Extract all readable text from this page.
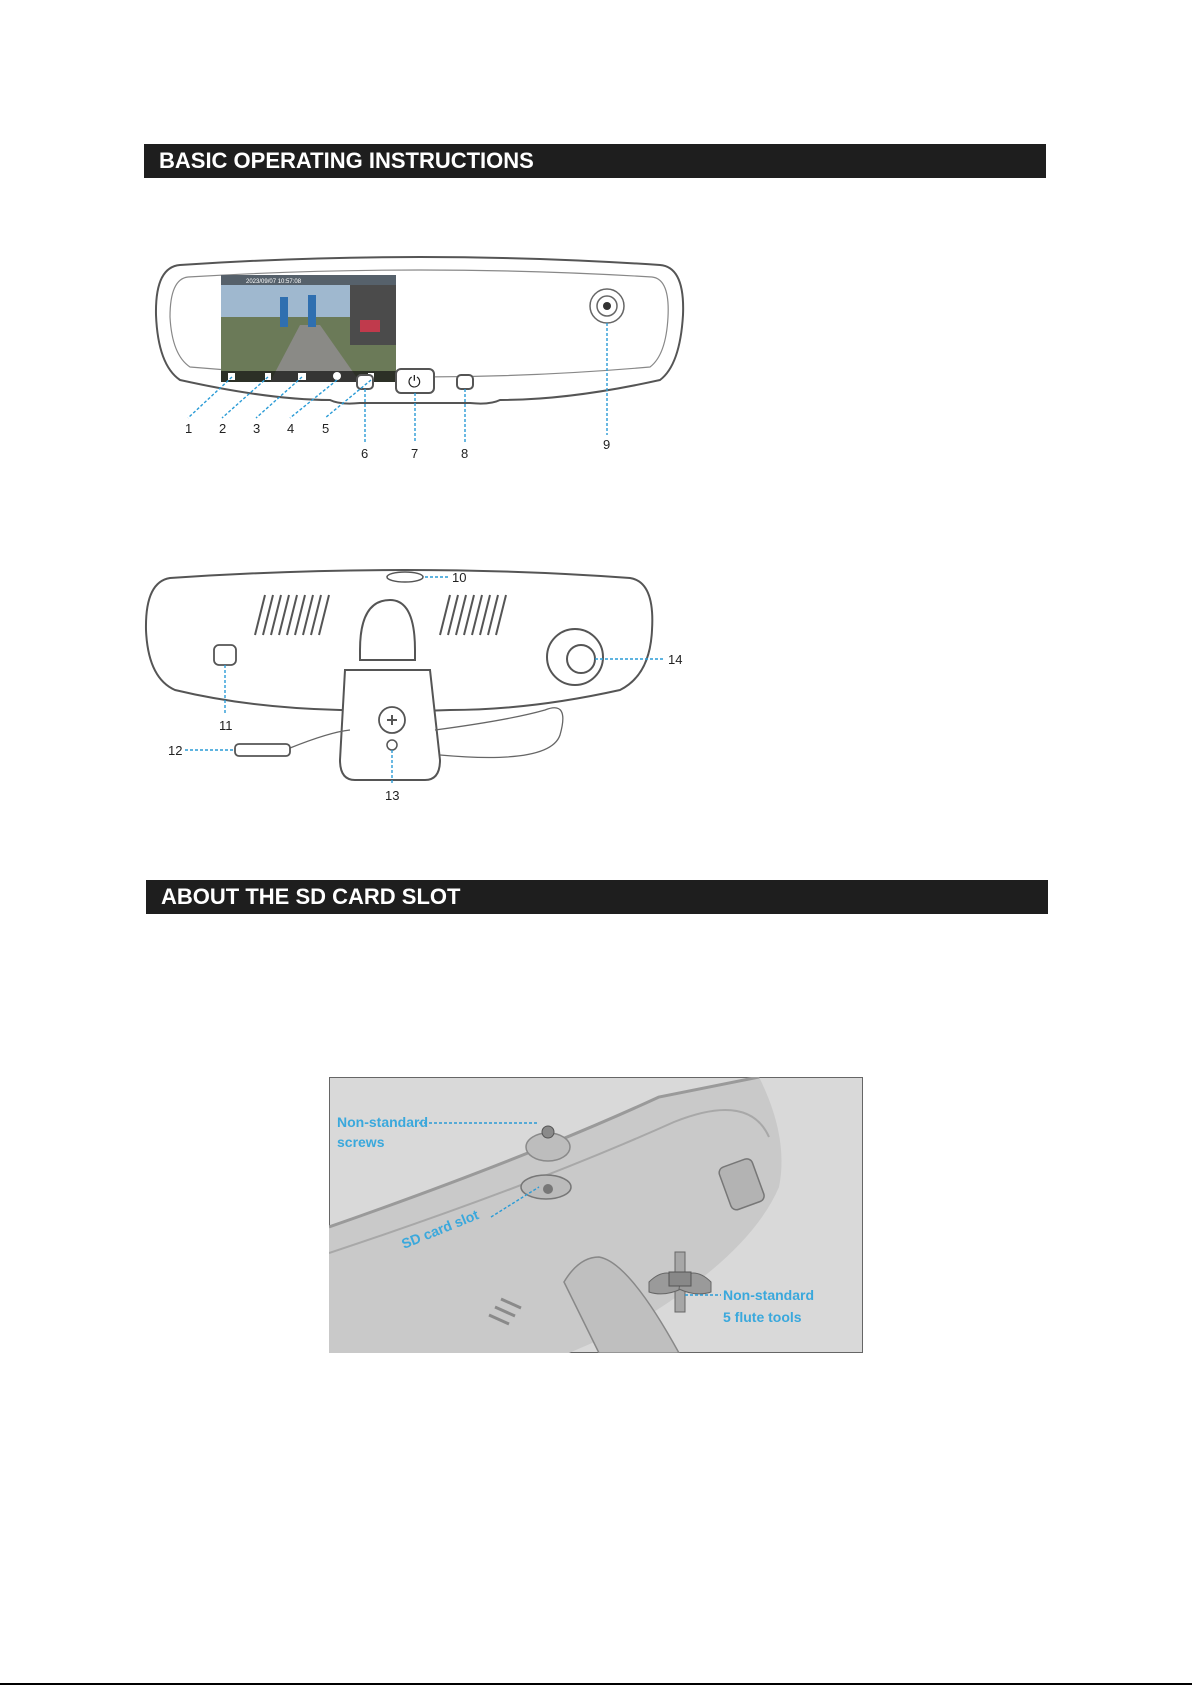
BASIC OPERATING INSTRUCTIONS
2023/09/07 10:57:08
⏻
1 2 3 4 5
6	7	8
9
10
11
12
13
14
ABOUT THE SD CARD SLOT
Non-standard
screws
SD card slot
Non-standard
5 flute tools
